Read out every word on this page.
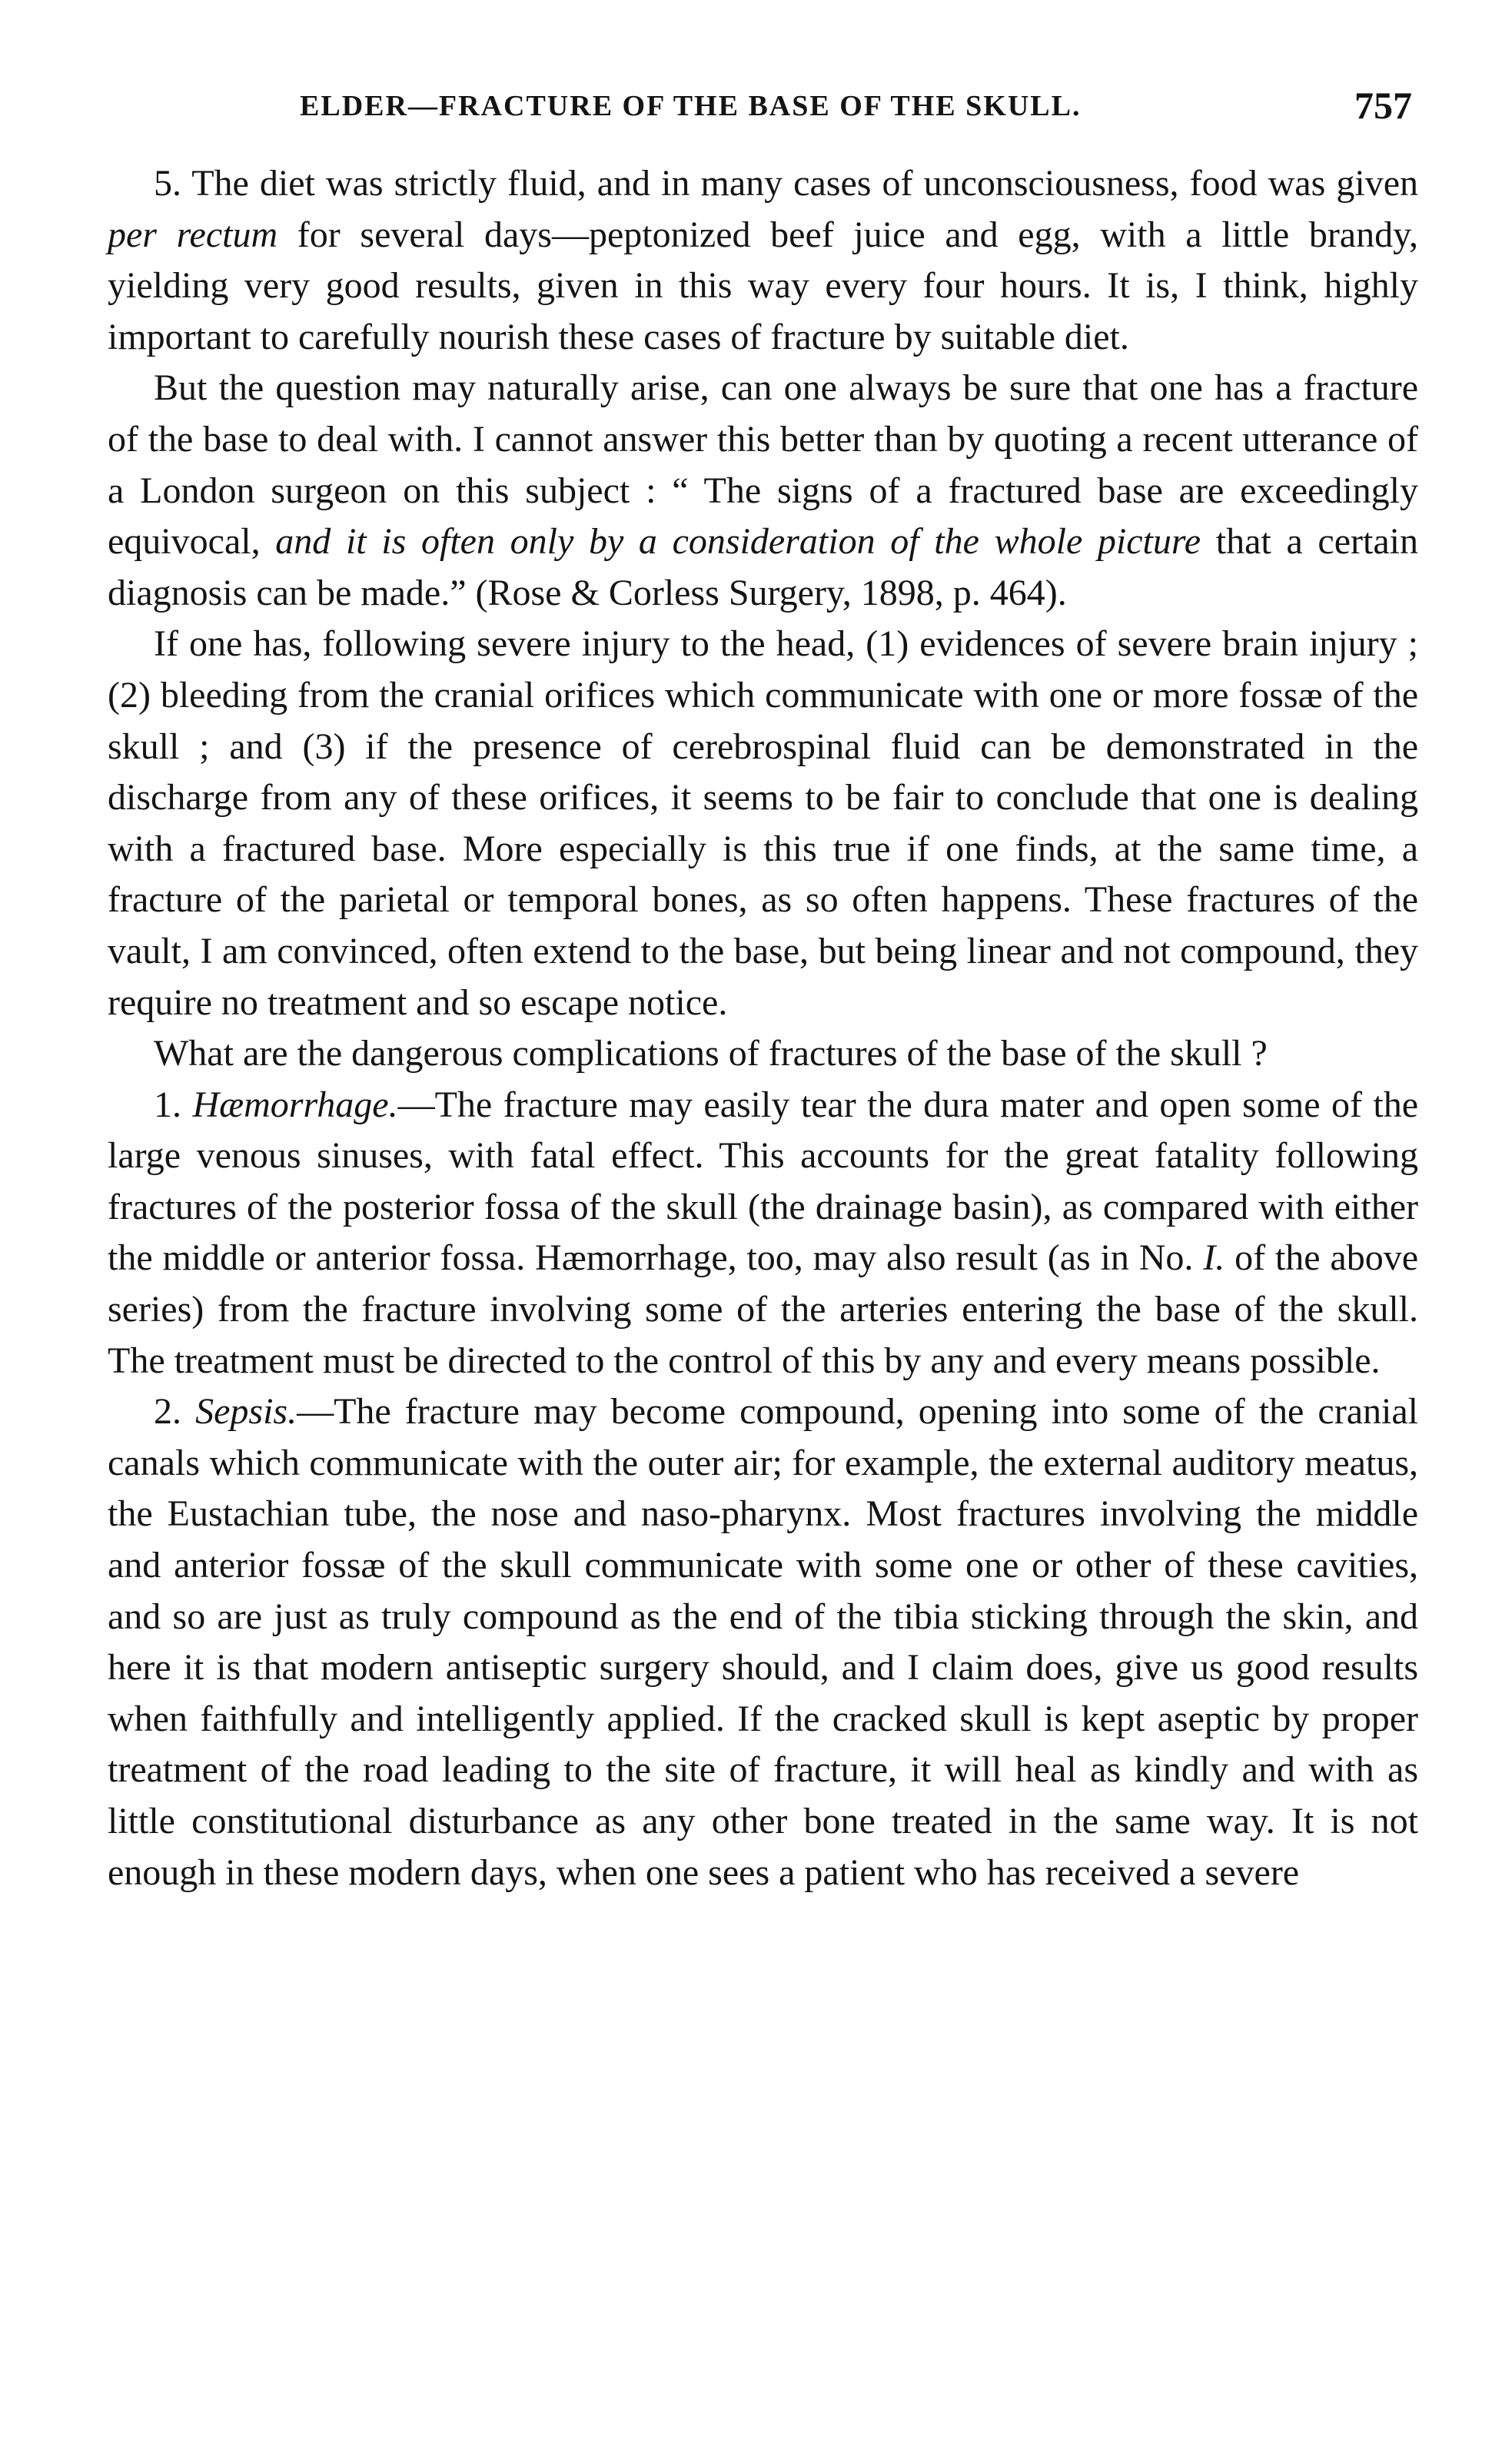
ELDER—FRACTURE OF THE BASE OF THE SKULL.	757

5. The diet was strictly fluid, and in many cases of unconsciousness, food was given per rectum for several days—peptonized beef juice and egg, with a little brandy, yielding very good results, given in this way every four hours. It is, I think, highly important to carefully nourish these cases of fracture by suitable diet.

But the question may naturally arise, can one always be sure that one has a fracture of the base to deal with. I cannot answer this better than by quoting a recent utterance of a London surgeon on this subject : “ The signs of a fractured base are exceedingly equivocal, and it is often only by a consideration of the whole picture that a certain diagnosis can be made.” (Rose & Corless Surgery, 1898, p. 464).

If one has, following severe injury to the head, (1) evidences of severe brain injury ; (2) bleeding from the cranial orifices which communicate with one or more fossæ of the skull ; and (3) if the presence of cerebrospinal fluid can be demonstrated in the discharge from any of these orifices, it seems to be fair to conclude that one is dealing with a fractured base. More especially is this true if one finds, at the same time, a fracture of the parietal or temporal bones, as so often happens. These fractures of the vault, I am convinced, often extend to the base, but being linear and not compound, they require no treatment and so escape notice.

What are the dangerous complications of fractures of the base of the skull ?

1. Hæmorrhage.—The fracture may easily tear the dura mater and open some of the large venous sinuses, with fatal effect. This accounts for the great fatality following fractures of the posterior fossa of the skull (the drainage basin), as compared with either the middle or anterior fossa. Hæmorrhage, too, may also result (as in No. I. of the above series) from the fracture involving some of the arteries entering the base of the skull. The treatment must be directed to the control of this by any and every means possible.

2. Sepsis.—The fracture may become compound, opening into some of the cranial canals which communicate with the outer air; for example, the external auditory meatus, the Eustachian tube, the nose and naso-pharynx. Most fractures involving the middle and anterior fossæ of the skull communicate with some one or other of these cavities, and so are just as truly compound as the end of the tibia sticking through the skin, and here it is that modern antiseptic surgery should, and I claim does, give us good results when faithfully and intelligently applied. If the cracked skull is kept aseptic by proper treatment of the road leading to the site of fracture, it will heal as kindly and with as little constitutional disturbance as any other bone treated in the same way. It is not enough in these modern days, when one sees a patient who has received a severe
